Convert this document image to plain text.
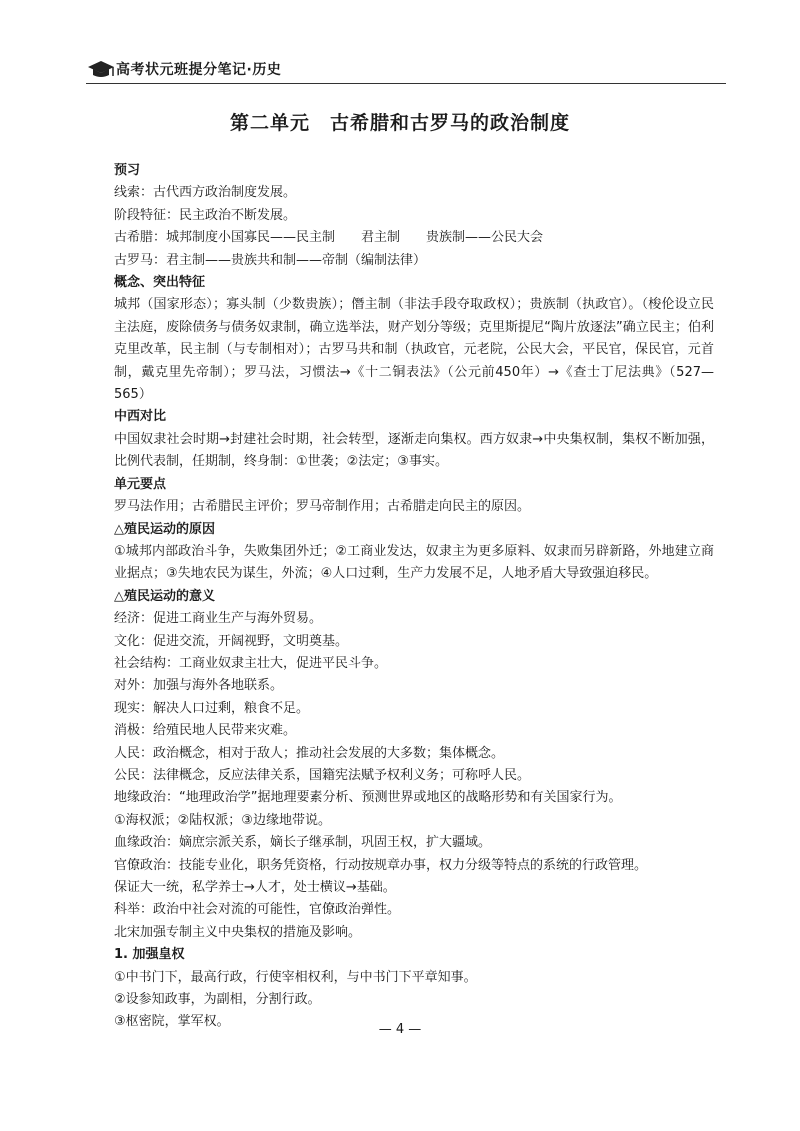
高考状元班提分笔记·历史
第二单元　古希腊和古罗马的政治制度

预习

线索：古代西方政治制度发展。

阶段特征：民主政治不断发展。

古希腊：城邦制度小国寡民——民主制　　君主制　　贵族制——公民大会

古罗马：君主制——贵族共和制——帝制（编制法律）

概念、突出特征

城邦（国家形态）；寡头制（少数贵族）；僭主制（非法手段夺取政权）；贵族制（执政官）。（梭伦设立民主法庭，废除债务与债务奴隶制，确立选举法，财产划分等级；克里斯提尼“陶片放逐法”确立民主；伯利克里改革，民主制（与专制相对）；古罗马共和制（执政官，元老院，公民大会，平民官，保民官，元首制，戴克里先帝制）；罗马法，习惯法→《十二铜表法》（公元前450年）→《查士丁尼法典》（527—565）

中西对比

中国奴隶社会时期→封建社会时期，社会转型，逐渐走向集权。西方奴隶→中央集权制，集权不断加强，比例代表制，任期制，终身制：①世袭；②法定；③事实。

单元要点

罗马法作用；古希腊民主评价；罗马帝制作用；古希腊走向民主的原因。

△殖民运动的原因

①城邦内部政治斗争，失败集团外迁；②工商业发达，奴隶主为更多原料、奴隶而另辟新路，外地建立商业据点；③失地农民为谋生，外流；④人口过剩，生产力发展不足，人地矛盾大导致强迫移民。

△殖民运动的意义

经济：促进工商业生产与海外贸易。

文化：促进交流，开阔视野，文明奠基。

社会结构：工商业奴隶主壮大，促进平民斗争。

对外：加强与海外各地联系。

现实：解决人口过剩，粮食不足。

消极：给殖民地人民带来灾难。

人民：政治概念，相对于敌人；推动社会发展的大多数；集体概念。

公民：法律概念，反应法律关系，国籍宪法赋予权利义务；可称呼人民。

地缘政治：“地理政治学”据地理要素分析、预测世界或地区的战略形势和有关国家行为。

①海权派；②陆权派；③边缘地带说。

血缘政治：嫡庶宗派关系，嫡长子继承制，巩固王权，扩大疆域。

官僚政治：技能专业化，职务凭资格，行动按规章办事，权力分级等特点的系统的行政管理。

保证大一统，私学养士→人才，处士横议→基础。

科举：政治中社会对流的可能性，官僚政治弹性。

北宋加强专制主义中央集权的措施及影响。

1. 加强皇权

①中书门下，最高行政，行使宰相权利，与中书门下平章知事。

②设参知政事，为副相，分割行政。

③枢密院，掌军权。

— 4 —
